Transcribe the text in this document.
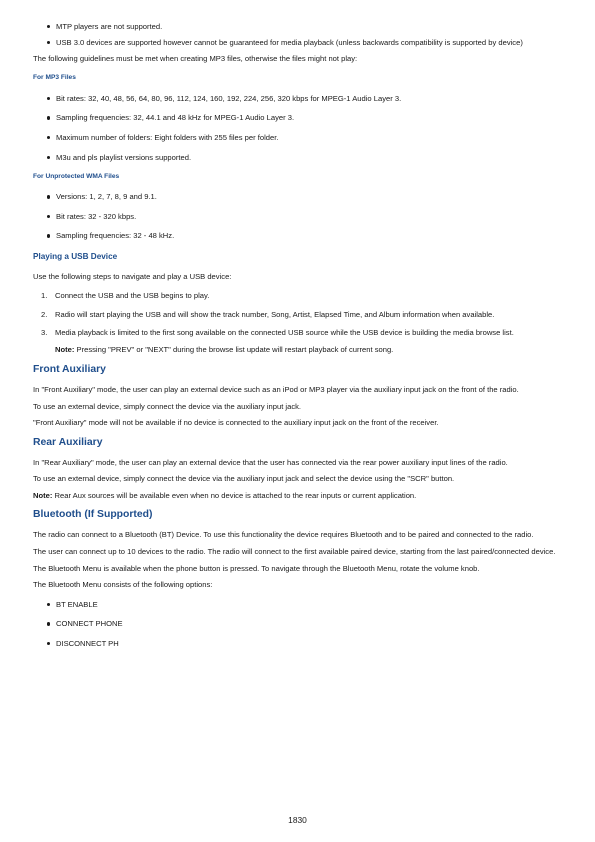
MTP players are not supported.
USB 3.0 devices are supported however cannot be guaranteed for media playback (unless backwards compatibility is supported by device)

The following guidelines must be met when creating MP3 files, otherwise the files might not play:

For MP3 Files

Bit rates: 32, 40, 48, 56, 64, 80, 96, 112, 124, 160, 192, 224, 256, 320 kbps for MPEG-1 Audio Layer 3.
Sampling frequencies: 32, 44.1 and 48 kHz for MPEG-1 Audio Layer 3.
Maximum number of folders: Eight folders with 255 files per folder.
M3u and pls playlist versions supported.

For Unprotected WMA Files

Versions: 1, 2, 7, 8, 9 and 9.1.
Bit rates: 32 - 320 kbps.
Sampling frequencies: 32 - 48 kHz.

Playing a USB Device

Use the following steps to navigate and play a USB device:

1. Connect the USB and the USB begins to play.
2. Radio will start playing the USB and will show the track number, Song, Artist, Elapsed Time, and Album information when available.
3. Media playback is limited to the first song available on the connected USB source while the USB device is building the media browse list.

Note: Pressing "PREV" or "NEXT" during the browse list update will restart playback of current song.

Front Auxiliary

In "Front Auxiliary" mode, the user can play an external device such as an iPod or MP3 player via the auxiliary input jack on the front of the radio.

To use an external device, simply connect the device via the auxiliary input jack.

"Front Auxiliary" mode will not be available if no device is connected to the auxiliary input jack on the front of the receiver.

Rear Auxiliary

In "Rear Auxiliary" mode, the user can play an external device that the user has connected via the rear power auxiliary input lines of the radio.

To use an external device, simply connect the device via the auxiliary input jack and select the device using the "SCR" button.

Note: Rear Aux sources will be available even when no device is attached to the rear inputs or current application.

Bluetooth (If Supported)

The radio can connect to a Bluetooth (BT) Device. To use this functionality the device requires Bluetooth and to be paired and connected to the radio.

The user can connect up to 10 devices to the radio. The radio will connect to the first available paired device, starting from the last paired/connected device.

The Bluetooth Menu is available when the phone button is pressed. To navigate through the Bluetooth Menu, rotate the volume knob.

The Bluetooth Menu consists of the following options:

BT ENABLE
CONNECT PHONE
DISCONNECT PH
1830
